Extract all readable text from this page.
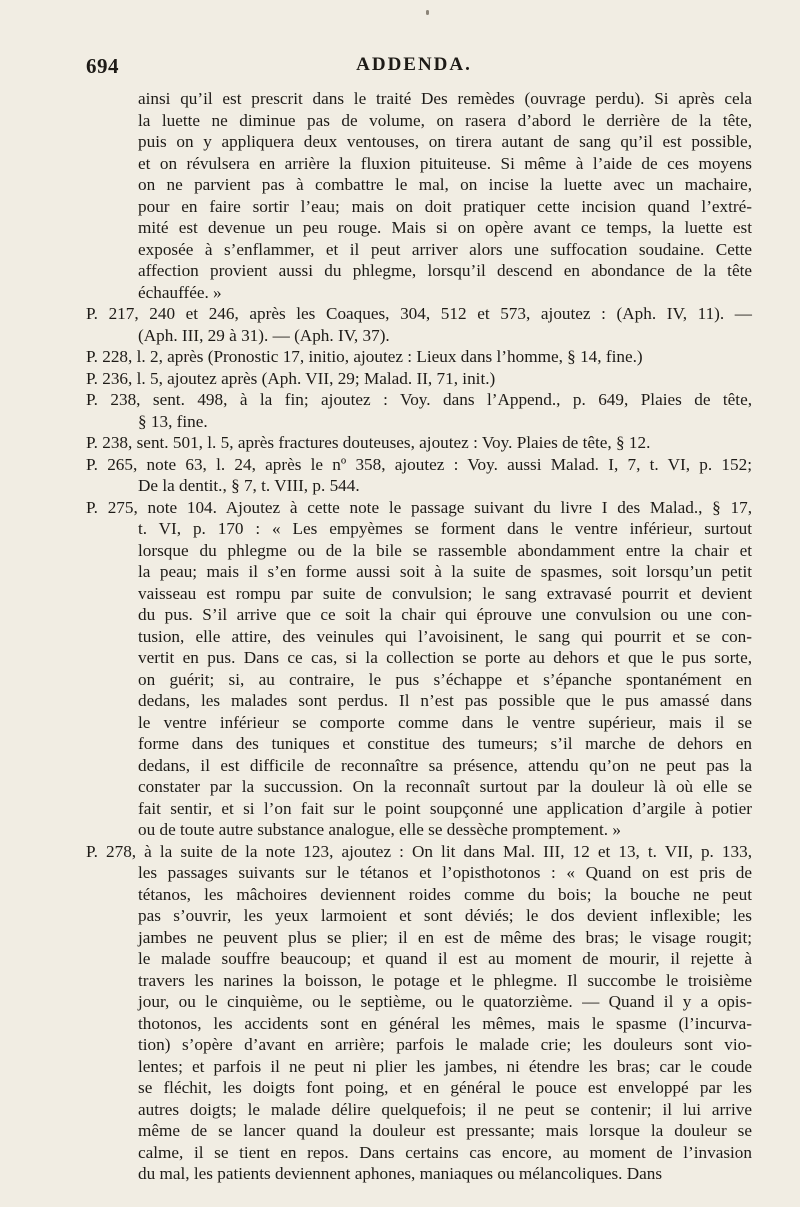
694	ADDENDA.
ainsi qu’il est prescrit dans le traité Des remèdes (ouvrage perdu). Si après cela
la luette ne diminue pas de volume, on rasera d’abord le derrière de la tête,
puis on y appliquera deux ventouses, on tirera autant de sang qu’il est possible,
et on révulsera en arrière la fluxion pituiteuse. Si même à l’aide de ces moyens
on ne parvient pas à combattre le mal, on incise la luette avec un machaire,
pour en faire sortir l’eau; mais on doit pratiquer cette incision quand l’extré-
mité est devenue un peu rouge. Mais si on opère avant ce temps, la luette est
exposée à s’enflammer, et il peut arriver alors une suffocation soudaine. Cette
affection provient aussi du phlegme, lorsqu’il descend en abondance de la tête
échauffée. »
P. 217, 240 et 246, après les Coaques, 304, 512 et 573, ajoutez : (Aph. IV, 11). —
(Aph. III, 29 à 31). — (Aph. IV, 37).
P. 228, l. 2, après (Pronostic 17, initio, ajoutez : Lieux dans l’homme, § 14, fine.)
P. 236, l. 5, ajoutez après (Aph. VII, 29; Malad. II, 71, init.)
P. 238, sent. 498, à la fin; ajoutez : Voy. dans l’Append., p. 649, Plaies de tête,
§ 13, fine.
P. 238, sent. 501, l. 5, après fractures douteuses, ajoutez : Voy. Plaies de tête, § 12.
P. 265, note 63, l. 24, après le nº 358, ajoutez : Voy. aussi Malad. I, 7, t. VI, p. 152;
De la dentit., § 7, t. VIII, p. 544.
P. 275, note 104. Ajoutez à cette note le passage suivant du livre I des Malad., § 17,
t. VI, p. 170 : « Les empyèmes se forment dans le ventre inférieur, surtout
lorsque du phlegme ou de la bile se rassemble abondamment entre la chair et
la peau; mais il s’en forme aussi soit à la suite de spasmes, soit lorsqu’un petit
vaisseau est rompu par suite de convulsion; le sang extravasé pourrit et devient
du pus. S’il arrive que ce soit la chair qui éprouve une convulsion ou une con-
tusion, elle attire, des veinules qui l’avoisinent, le sang qui pourrit et se con-
vertit en pus. Dans ce cas, si la collection se porte au dehors et que le pus sorte,
on guérit; si, au contraire, le pus s’échappe et s’épanche spontanément en
dedans, les malades sont perdus. Il n’est pas possible que le pus amassé dans
le ventre inférieur se comporte comme dans le ventre supérieur, mais il se
forme dans des tuniques et constitue des tumeurs; s’il marche de dehors en
dedans, il est difficile de reconnaître sa présence, attendu qu’on ne peut pas la
constater par la succussion. On la reconnaît surtout par la douleur là où elle se
fait sentir, et si l’on fait sur le point soupçonné une application d’argile à potier
ou de toute autre substance analogue, elle se dessèche promptement. »
P. 278, à la suite de la note 123, ajoutez : On lit dans Mal. III, 12 et 13, t. VII, p. 133,
les passages suivants sur le tétanos et l’opisthotonos : « Quand on est pris de
tétanos, les mâchoires deviennent roides comme du bois; la bouche ne peut
pas s’ouvrir, les yeux larmoient et sont déviés; le dos devient inflexible; les
jambes ne peuvent plus se plier; il en est de même des bras; le visage rougit;
le malade souffre beaucoup; et quand il est au moment de mourir, il rejette à
travers les narines la boisson, le potage et le phlegme. Il succombe le troisième
jour, ou le cinquième, ou le septième, ou le quatorzième. — Quand il y a opis-
thotonos, les accidents sont en général les mêmes, mais le spasme (l’incurva-
tion) s’opère d’avant en arrière; parfois le malade crie; les douleurs sont vio-
lentes; et parfois il ne peut ni plier les jambes, ni étendre les bras; car le coude
se fléchit, les doigts font poing, et en général le pouce est enveloppé par les
autres doigts; le malade délire quelquefois; il ne peut se contenir; il lui arrive
même de se lancer quand la douleur est pressante; mais lorsque la douleur se
calme, il se tient en repos. Dans certains cas encore, au moment de l’invasion
du mal, les patients deviennent aphones, maniaques ou mélancoliques. Dans
